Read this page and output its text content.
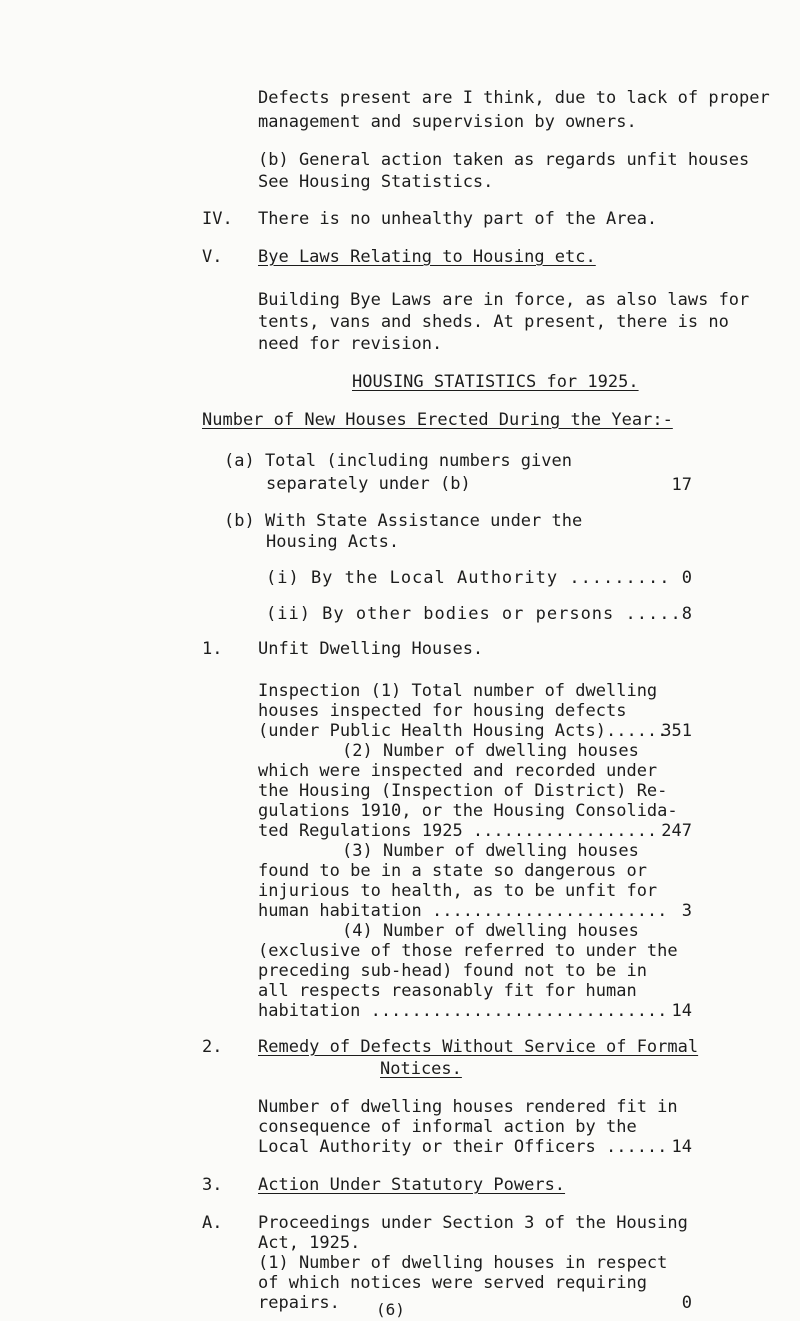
Defects present are I think, due to lack of proper
management and supervision by owners.
(b) General action taken as regards unfit houses
See Housing Statistics.
IV. There is no unhealthy part of the Area.
V. Bye Laws Relating to Housing etc.
Building Bye Laws are in force, as also laws for
tents, vans and sheds. At present, there is no
need for revision.
HOUSING STATISTICS for 1925.
Number of New Houses Erected During the Year:-
(a) Total (including numbers given
separately under (b)	17
(b) With State Assistance under the
Housing Acts.
(i) By the Local Authority ......... 0
(ii) By other bodies or persons ..... 8
1. Unfit Dwelling Houses.
Inspection (1) Total number of dwelling
houses inspected for housing defects
(under Public Health Housing Acts)......
351
(2) Number of dwelling houses
which were inspected and recorded under
the Housing (Inspection of District) Re-
gulations 1910, or the Housing Consolida-
ted Regulations 1925 .................. 247
(3) Number of dwelling houses
found to be in a state so dangerous or
injurious to health, as to be unfit for
human habitation ....................... 3
(4) Number of dwelling houses
(exclusive of those referred to under the
preceding sub-head) found not to be in
all respects reasonably fit for human
habitation ............................. 14
2. Remedy of Defects Without Service of Formal
Notices.
Number of dwelling houses rendered fit in
consequence of informal action by the
Local Authority or their Officers ...... 14
3. Action Under Statutory Powers.
A. Proceedings under Section 3 of the Housing
Act, 1925.
(1) Number of dwelling houses in respect
of which notices were served requiring
repairs.	0
(6)
